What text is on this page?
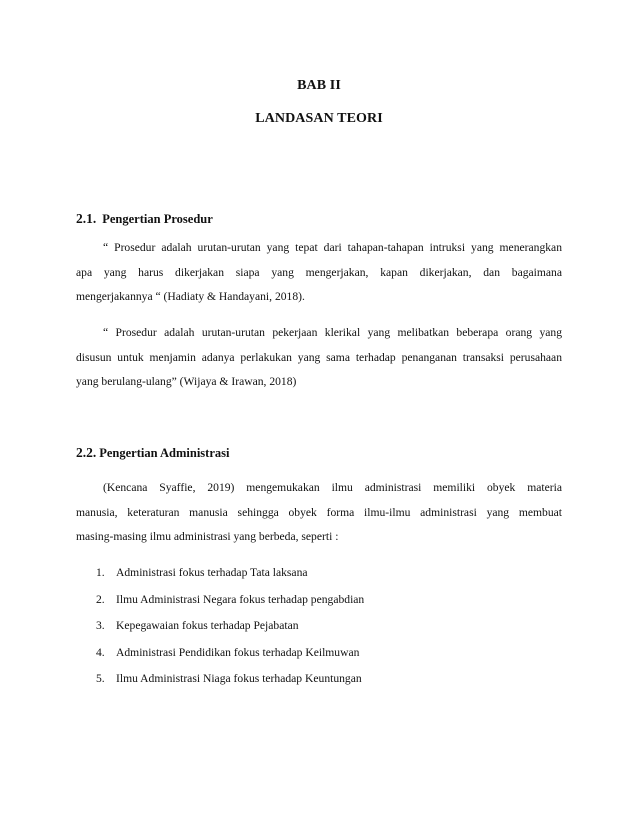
BAB II
LANDASAN TEORI
2.1. Pengertian Prosedur
“ Prosedur adalah urutan-urutan yang tepat dari tahapan-tahapan intruksi yang menerangkan
apa yang harus dikerjakan siapa yang mengerjakan, kapan dikerjakan, dan bagaimana
mengerjakannya “ (Hadiaty & Handayani, 2018).
“ Prosedur adalah urutan-urutan pekerjaan klerikal yang melibatkan beberapa orang yang
disusun untuk menjamin adanya perlakukan yang sama terhadap penanganan transaksi perusahaan
yang berulang-ulang” (Wijaya & Irawan, 2018)
2.2. Pengertian Administrasi
(Kencana Syaffie, 2019) mengemukakan ilmu administrasi memiliki obyek materia
manusia, keteraturan manusia sehingga obyek forma ilmu-ilmu administrasi yang membuat
masing-masing ilmu administrasi yang berbeda, seperti :
1. Administrasi fokus terhadap Tata laksana
2. Ilmu Administrasi Negara fokus terhadap pengabdian
3. Kepegawaian fokus terhadap Pejabatan
4. Administrasi Pendidikan fokus terhadap Keilmuwan
5. Ilmu Administrasi Niaga fokus terhadap Keuntungan
